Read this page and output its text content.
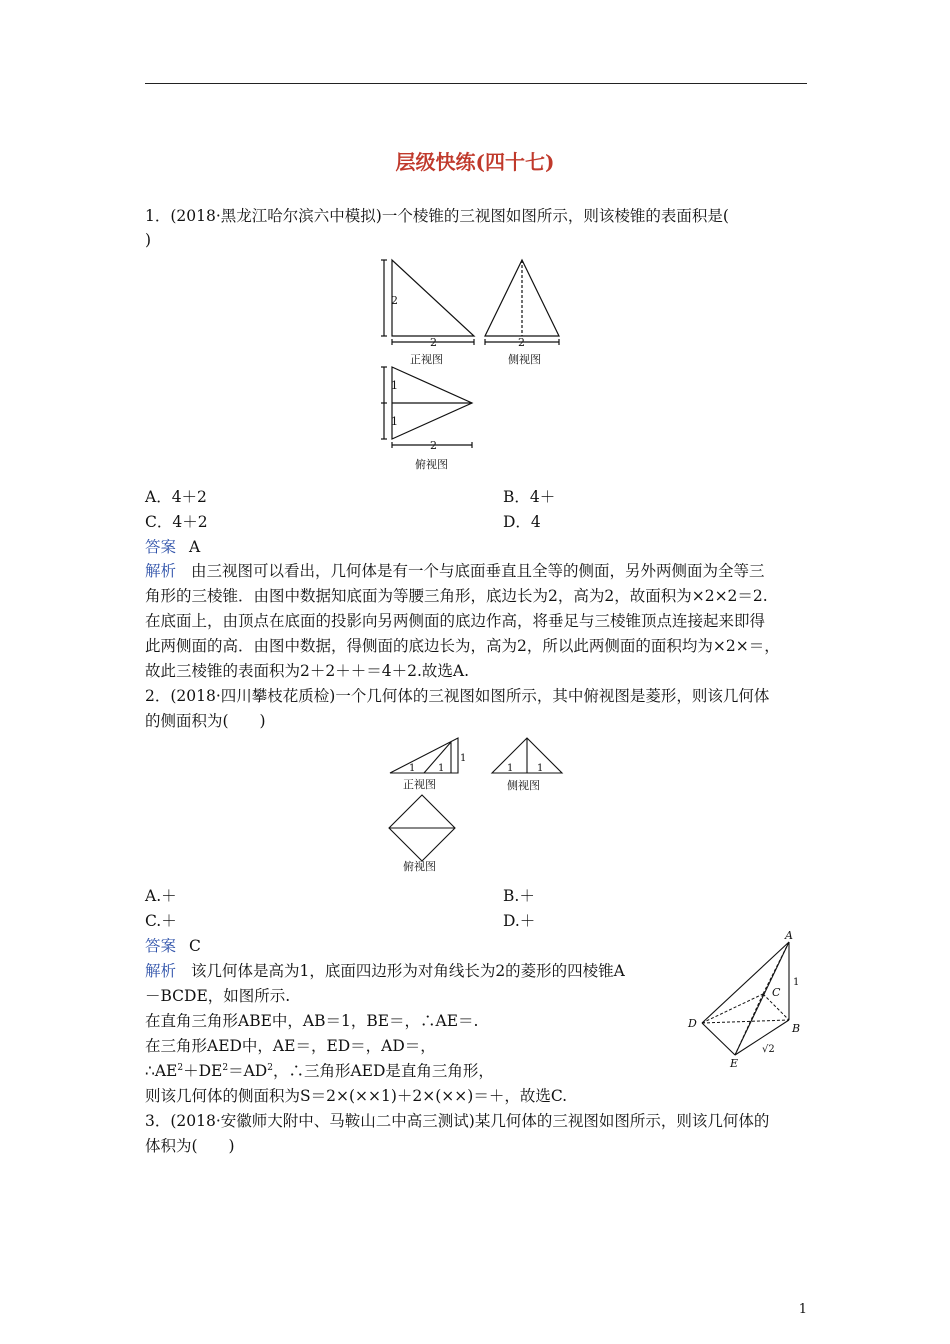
层级快练(四十七)
1．(2018·黑龙江哈尔滨六中模拟)一个棱锥的三视图如图所示，则该棱锥的表面积是(
)
2
2
正视图
2
侧视图
1
1
2
俯视图
A．4＋2	B．4＋
C．4＋2	D．4
答案 A
解析 由三视图可以看出，几何体是有一个与底面垂直且全等的侧面，另外两侧面为全等三
角形的三棱锥．由图中数据知底面为等腰三角形，底边长为2，高为2，故面积为×2×2＝2.
在底面上，由顶点在底面的投影向另两侧面的底边作高，将垂足与三棱锥顶点连接起来即得
此两侧面的高．由图中数据，得侧面的底边长为，高为2，所以此两侧面的面积均为×2×＝，
故此三棱锥的表面积为2＋2＋＋＝4＋2.故选A.
2．(2018·四川攀枝花质检)一个几何体的三视图如图所示，其中俯视图是菱形，则该几何体
的侧面积为(　　)
1 1
1
正视图
1 1
侧视图
俯视图
A.＋	B.＋
C.＋	D.＋
答案 C
解析 该几何体是高为1，底面四边形为对角线长为2的菱形的四棱锥A
－BCDE，如图所示.
在直角三角形ABE中，AB＝1，BE＝，∴AE＝.
在三角形AED中，AE＝，ED＝，AD＝，
$\therefore AE^2+DE^2=AD^2$，∴三角形AED是直角三角形，
则该几何体的侧面积为S＝2×(××1)＋2×(××)＝＋，故选C.
A
B
C
D
E
1
√2
3．(2018·安徽师大附中、马鞍山二中高三测试)某几何体的三视图如图所示，则该几何体的
体积为(　　)
1
